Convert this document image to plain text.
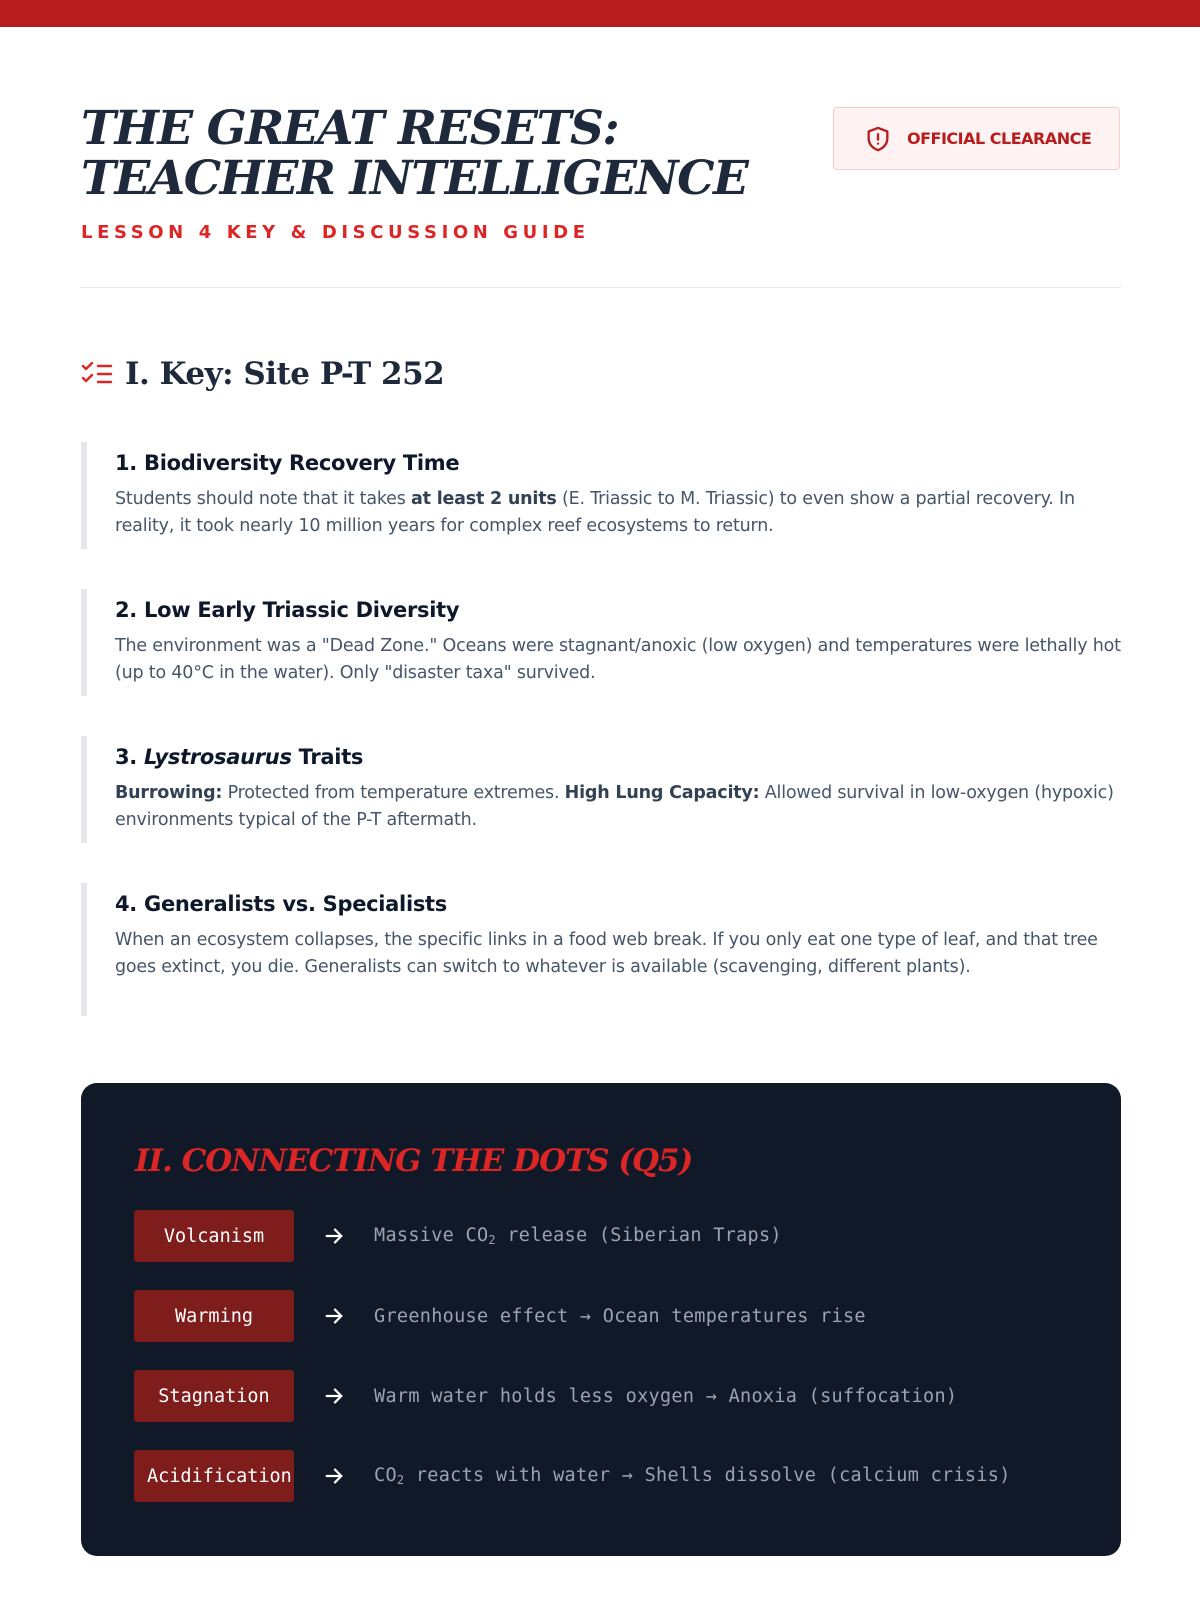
THE GREAT RESETS:
TEACHER INTELLIGENCE
LESSON 4 KEY & DISCUSSION GUIDE
OFFICIAL CLEARANCE
I. Key: Site P-T 252
1. Biodiversity Recovery Time

Students should note that it takes at least 2 units (E. Triassic to M. Triassic) to even show a partial recovery. In reality, it took nearly 10 million years for complex reef ecosystems to return.

2. Low Early Triassic Diversity

The environment was a "Dead Zone." Oceans were stagnant/anoxic (low oxygen) and temperatures were lethally hot (up to 40°C in the water). Only "disaster taxa" survived.

3. Lystrosaurus Traits

Burrowing: Protected from temperature extremes. High Lung Capacity: Allowed survival in low-oxygen (hypoxic) environments typical of the P-T aftermath.

4. Generalists vs. Specialists

When an ecosystem collapses, the specific links in a food web break. If you only eat one type of leaf, and that tree goes extinct, you die. Generalists can switch to whatever is available (scavenging, different plants).

II. CONNECTING THE DOTS (Q5)
Volcanism	Massive $CO_2$ release (Siberian Traps)
Warming	Greenhouse effect → Ocean temperatures rise
Stagnation	Warm water holds less oxygen → Anoxia (suffocation)
Acidification	$CO_2$ reacts with water → Shells dissolve (calcium crisis)
